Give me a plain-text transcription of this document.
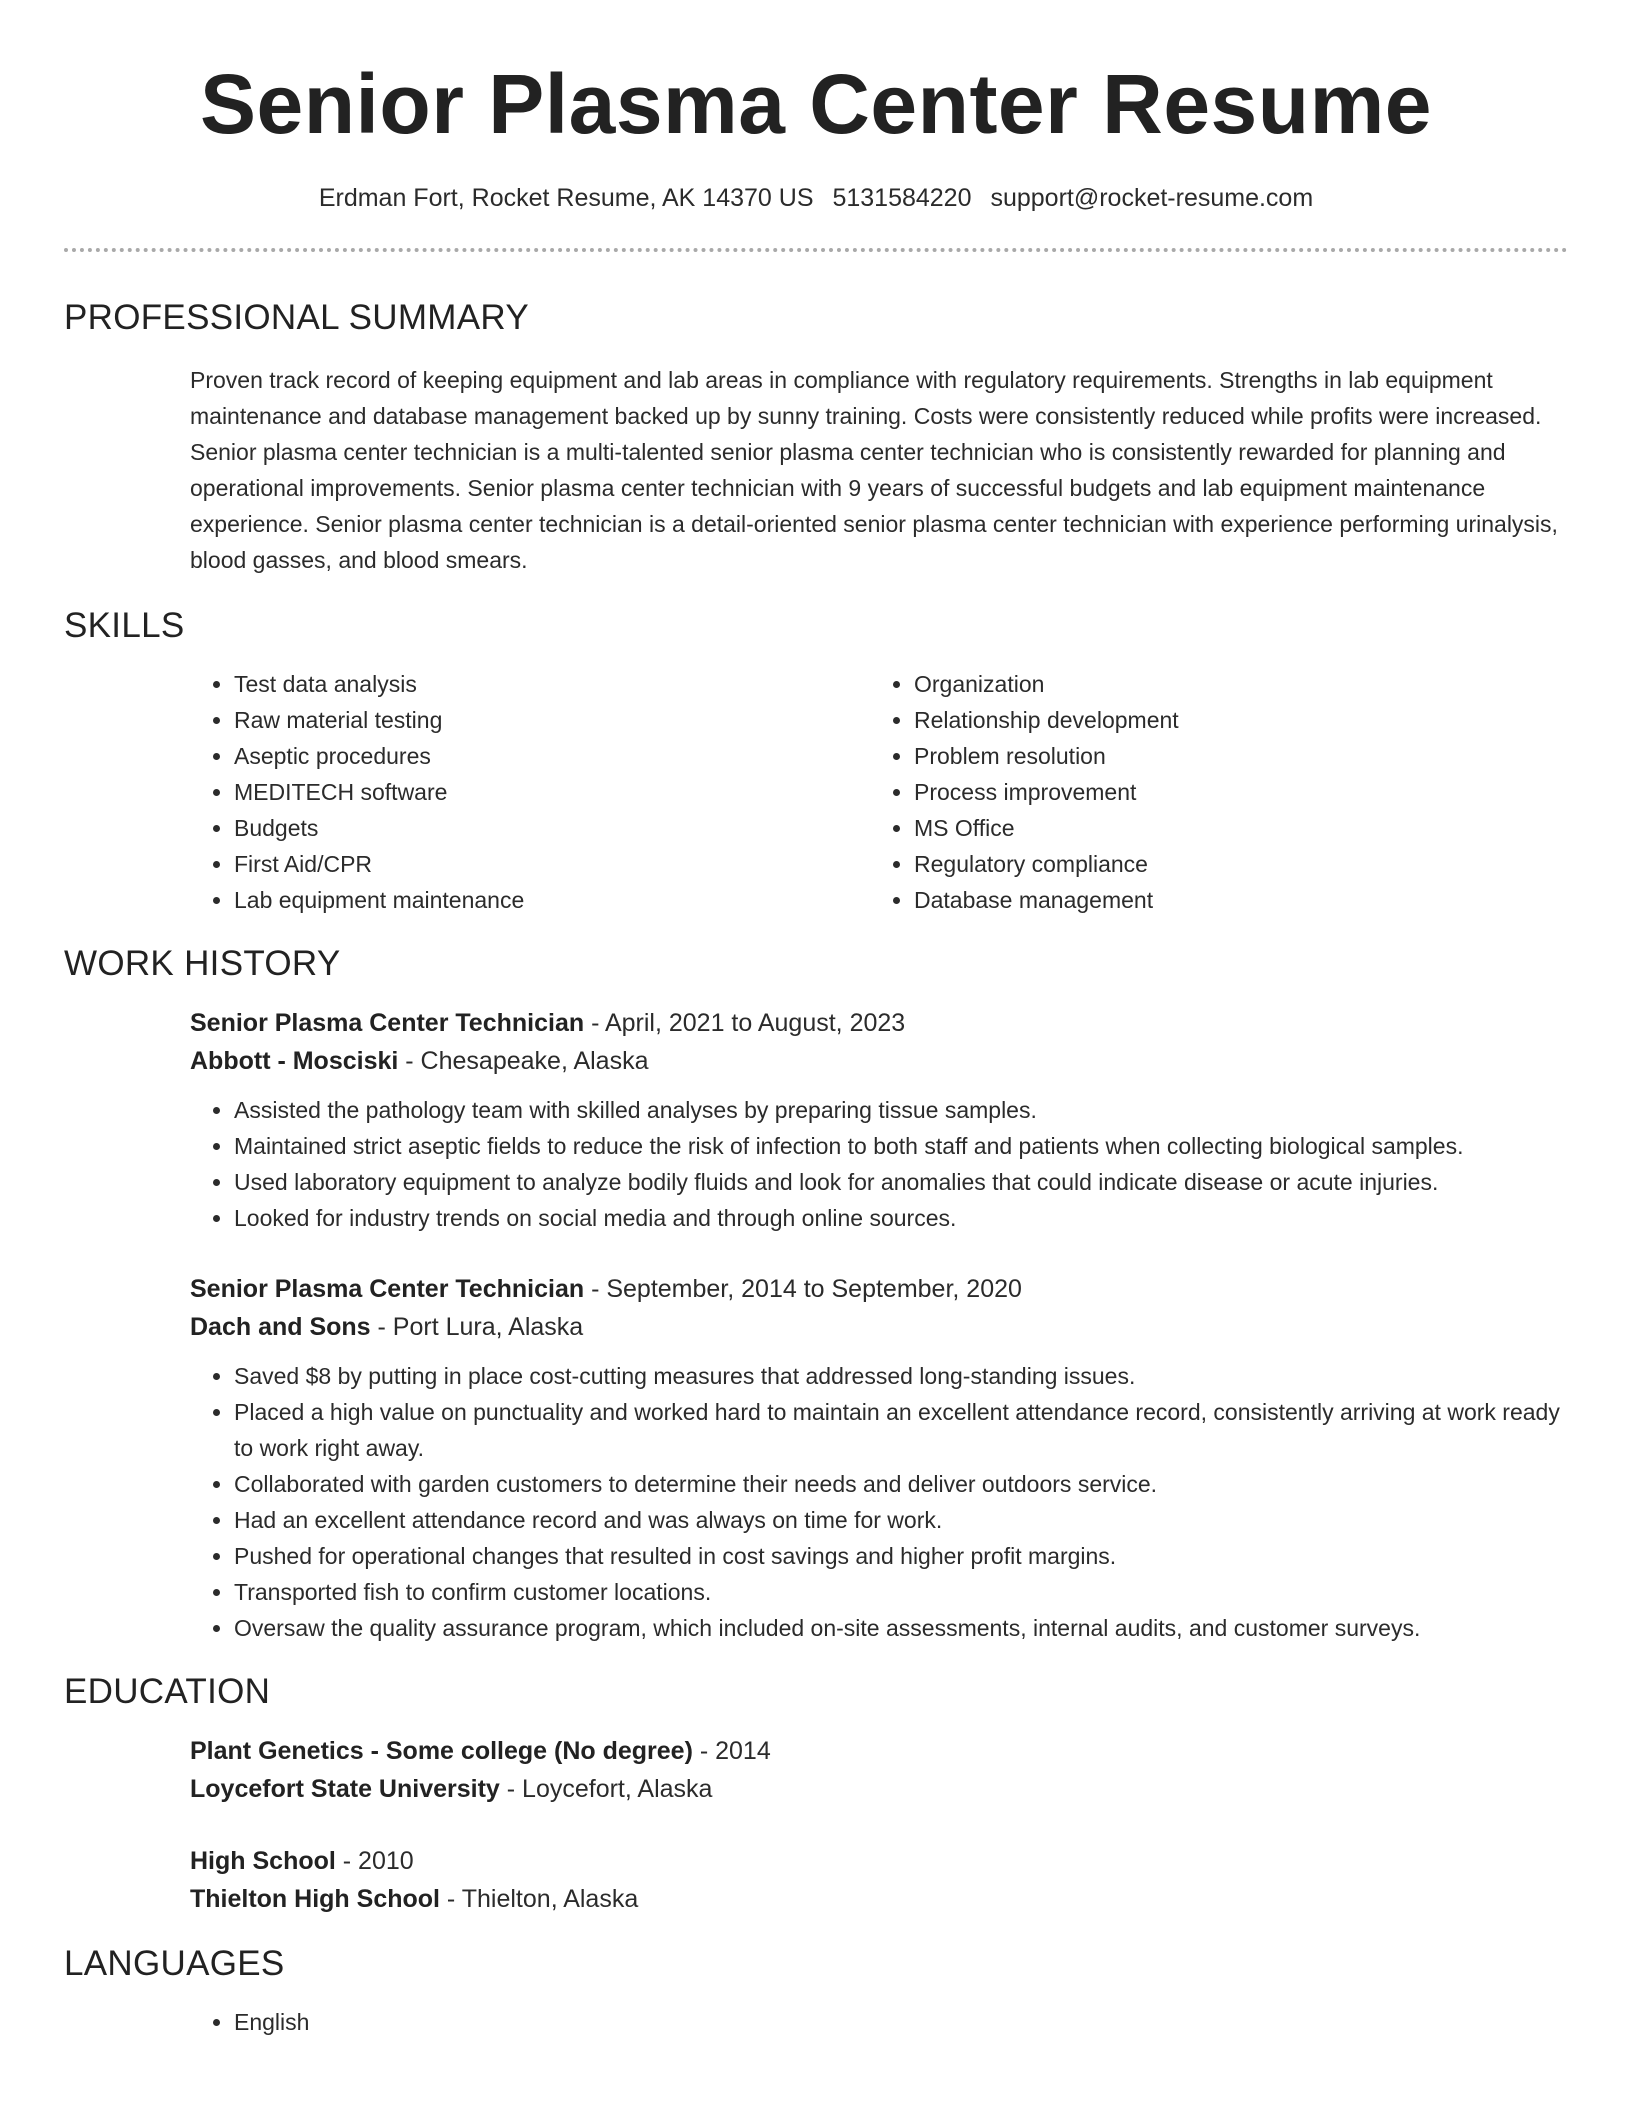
Senior Plasma Center Resume
Erdman Fort, Rocket Resume, AK 14370 US 5131584220 support@rocket-resume.com
PROFESSIONAL SUMMARY

Proven track record of keeping equipment and lab areas in compliance with regulatory requirements. Strengths in lab equipment maintenance and database management backed up by sunny training. Costs were consistently reduced while profits were increased. Senior plasma center technician is a multi-talented senior plasma center technician who is consistently rewarded for planning and operational improvements. Senior plasma center technician with 9 years of successful budgets and lab equipment maintenance experience. Senior plasma center technician is a detail-oriented senior plasma center technician with experience performing urinalysis, blood gasses, and blood smears.

SKILLS
• Test data analysis
• Raw material testing
• Aseptic procedures
• MEDITECH software
• Budgets
• First Aid/CPR
• Lab equipment maintenance
• Organization
• Relationship development
• Problem resolution
• Process improvement
• MS Office
• Regulatory compliance
• Database management
WORK HISTORY
Senior Plasma Center Technician - April, 2021 to August, 2023
Abbott - Mosciski - Chesapeake, Alaska
• Assisted the pathology team with skilled analyses by preparing tissue samples.
• Maintained strict aseptic fields to reduce the risk of infection to both staff and patients when collecting biological samples.
• Used laboratory equipment to analyze bodily fluids and look for anomalies that could indicate disease or acute injuries.
• Looked for industry trends on social media and through online sources.
Senior Plasma Center Technician - September, 2014 to September, 2020
Dach and Sons - Port Lura, Alaska
• Saved $8 by putting in place cost-cutting measures that addressed long-standing issues.
• Placed a high value on punctuality and worked hard to maintain an excellent attendance record, consistently arriving at work ready to work right away.
• Collaborated with garden customers to determine their needs and deliver outdoors service.
• Had an excellent attendance record and was always on time for work.
• Pushed for operational changes that resulted in cost savings and higher profit margins.
• Transported fish to confirm customer locations.
• Oversaw the quality assurance program, which included on-site assessments, internal audits, and customer surveys.
EDUCATION
Plant Genetics - Some college (No degree) - 2014
Loycefort State University - Loycefort, Alaska
High School - 2010
Thielton High School - Thielton, Alaska
LANGUAGES
• English
